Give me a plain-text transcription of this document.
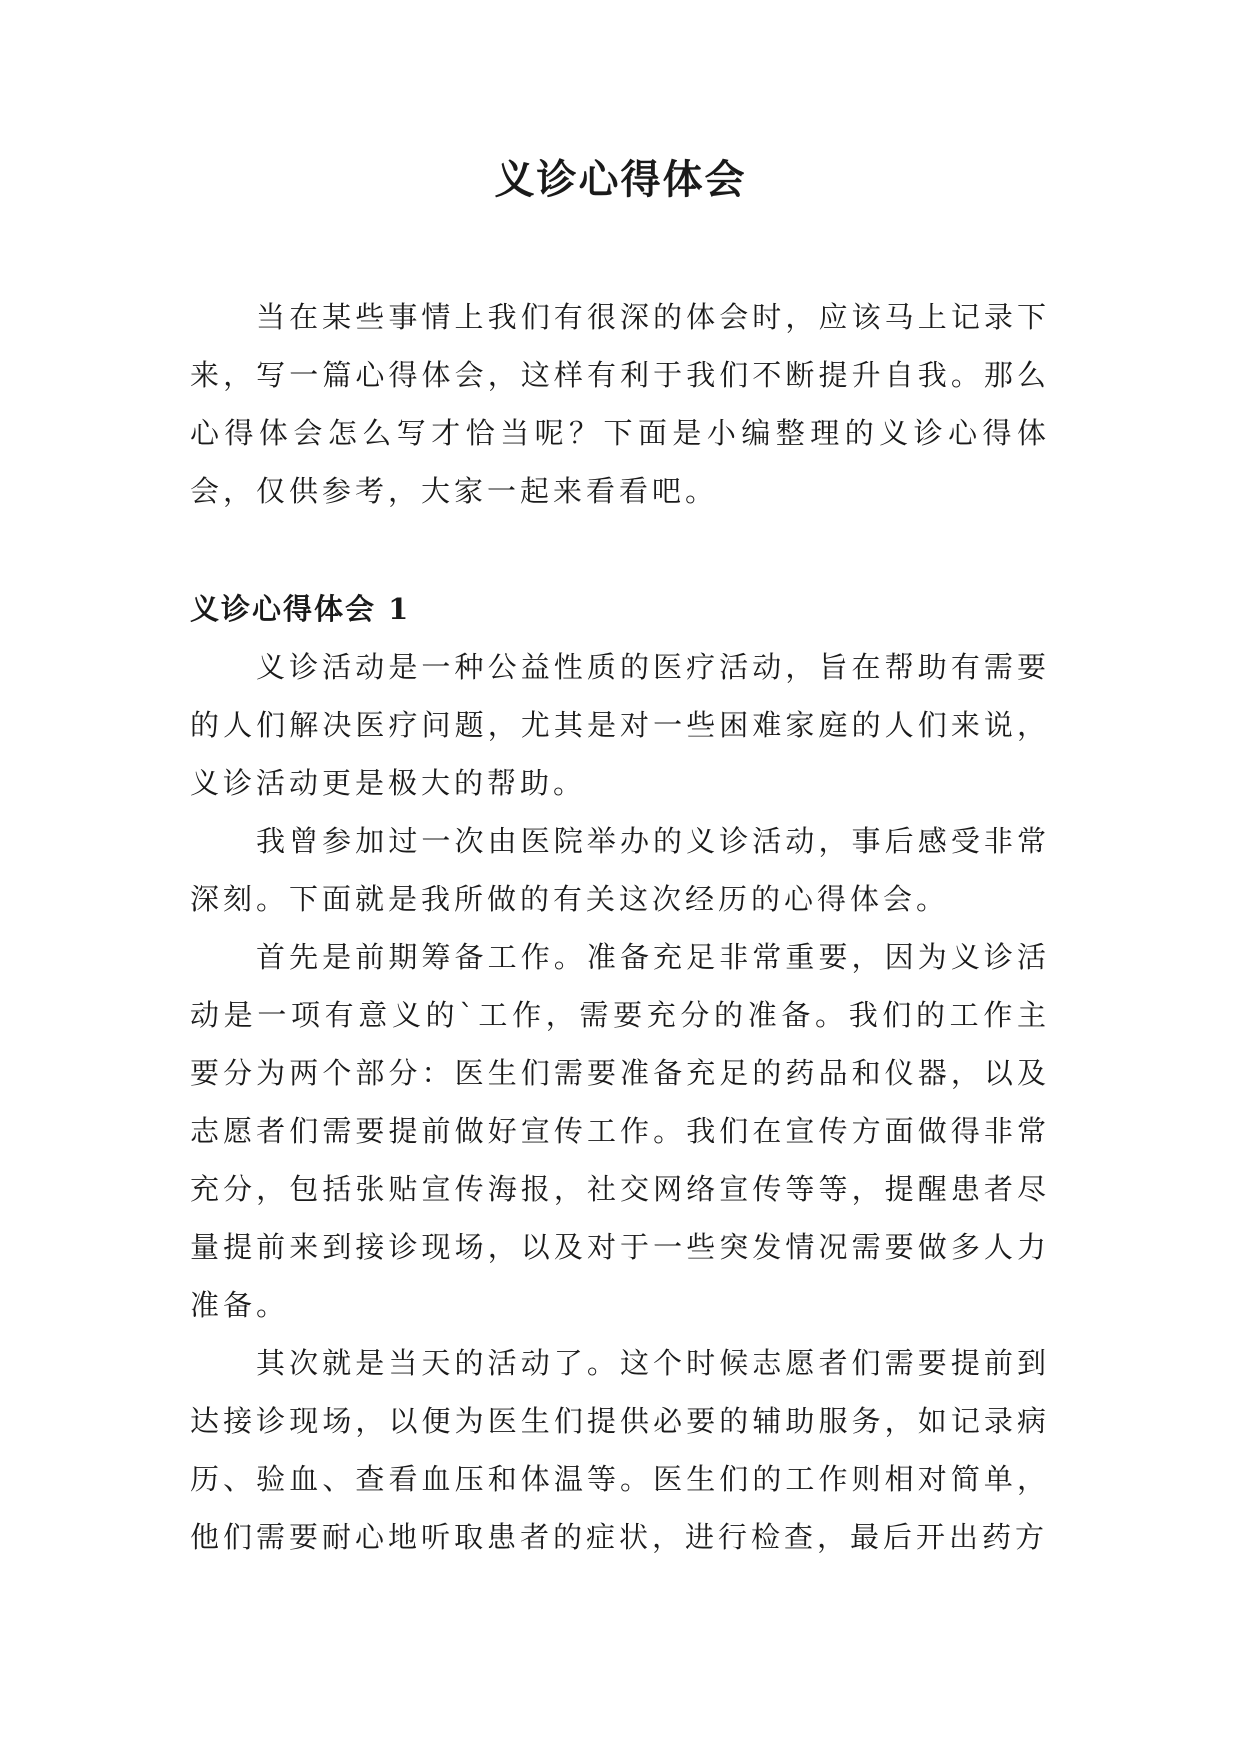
义诊心得体会

当在某些事情上我们有很深的体会时，应该马上记录下来，写一篇心得体会，这样有利于我们不断提升自我。那么心得体会怎么写才恰当呢？下面是小编整理的义诊心得体会，仅供参考，大家一起来看看吧。

义诊心得体会 1

义诊活动是一种公益性质的医疗活动，旨在帮助有需要的人们解决医疗问题，尤其是对一些困难家庭的人们来说，义诊活动更是极大的帮助。

我曾参加过一次由医院举办的义诊活动，事后感受非常深刻。下面就是我所做的有关这次经历的心得体会。

首先是前期筹备工作。准备充足非常重要，因为义诊活动是一项有意义的`工作，需要充分的准备。我们的工作主要分为两个部分：医生们需要准备充足的药品和仪器，以及志愿者们需要提前做好宣传工作。我们在宣传方面做得非常充分，包括张贴宣传海报，社交网络宣传等等，提醒患者尽量提前来到接诊现场，以及对于一些突发情况需要做多人力准备。

其次就是当天的活动了。这个时候志愿者们需要提前到达接诊现场，以便为医生们提供必要的辅助服务，如记录病历、验血、查看血压和体温等。医生们的工作则相对简单，他们需要耐心地听取患者的症状，进行检查，最后开出药方
